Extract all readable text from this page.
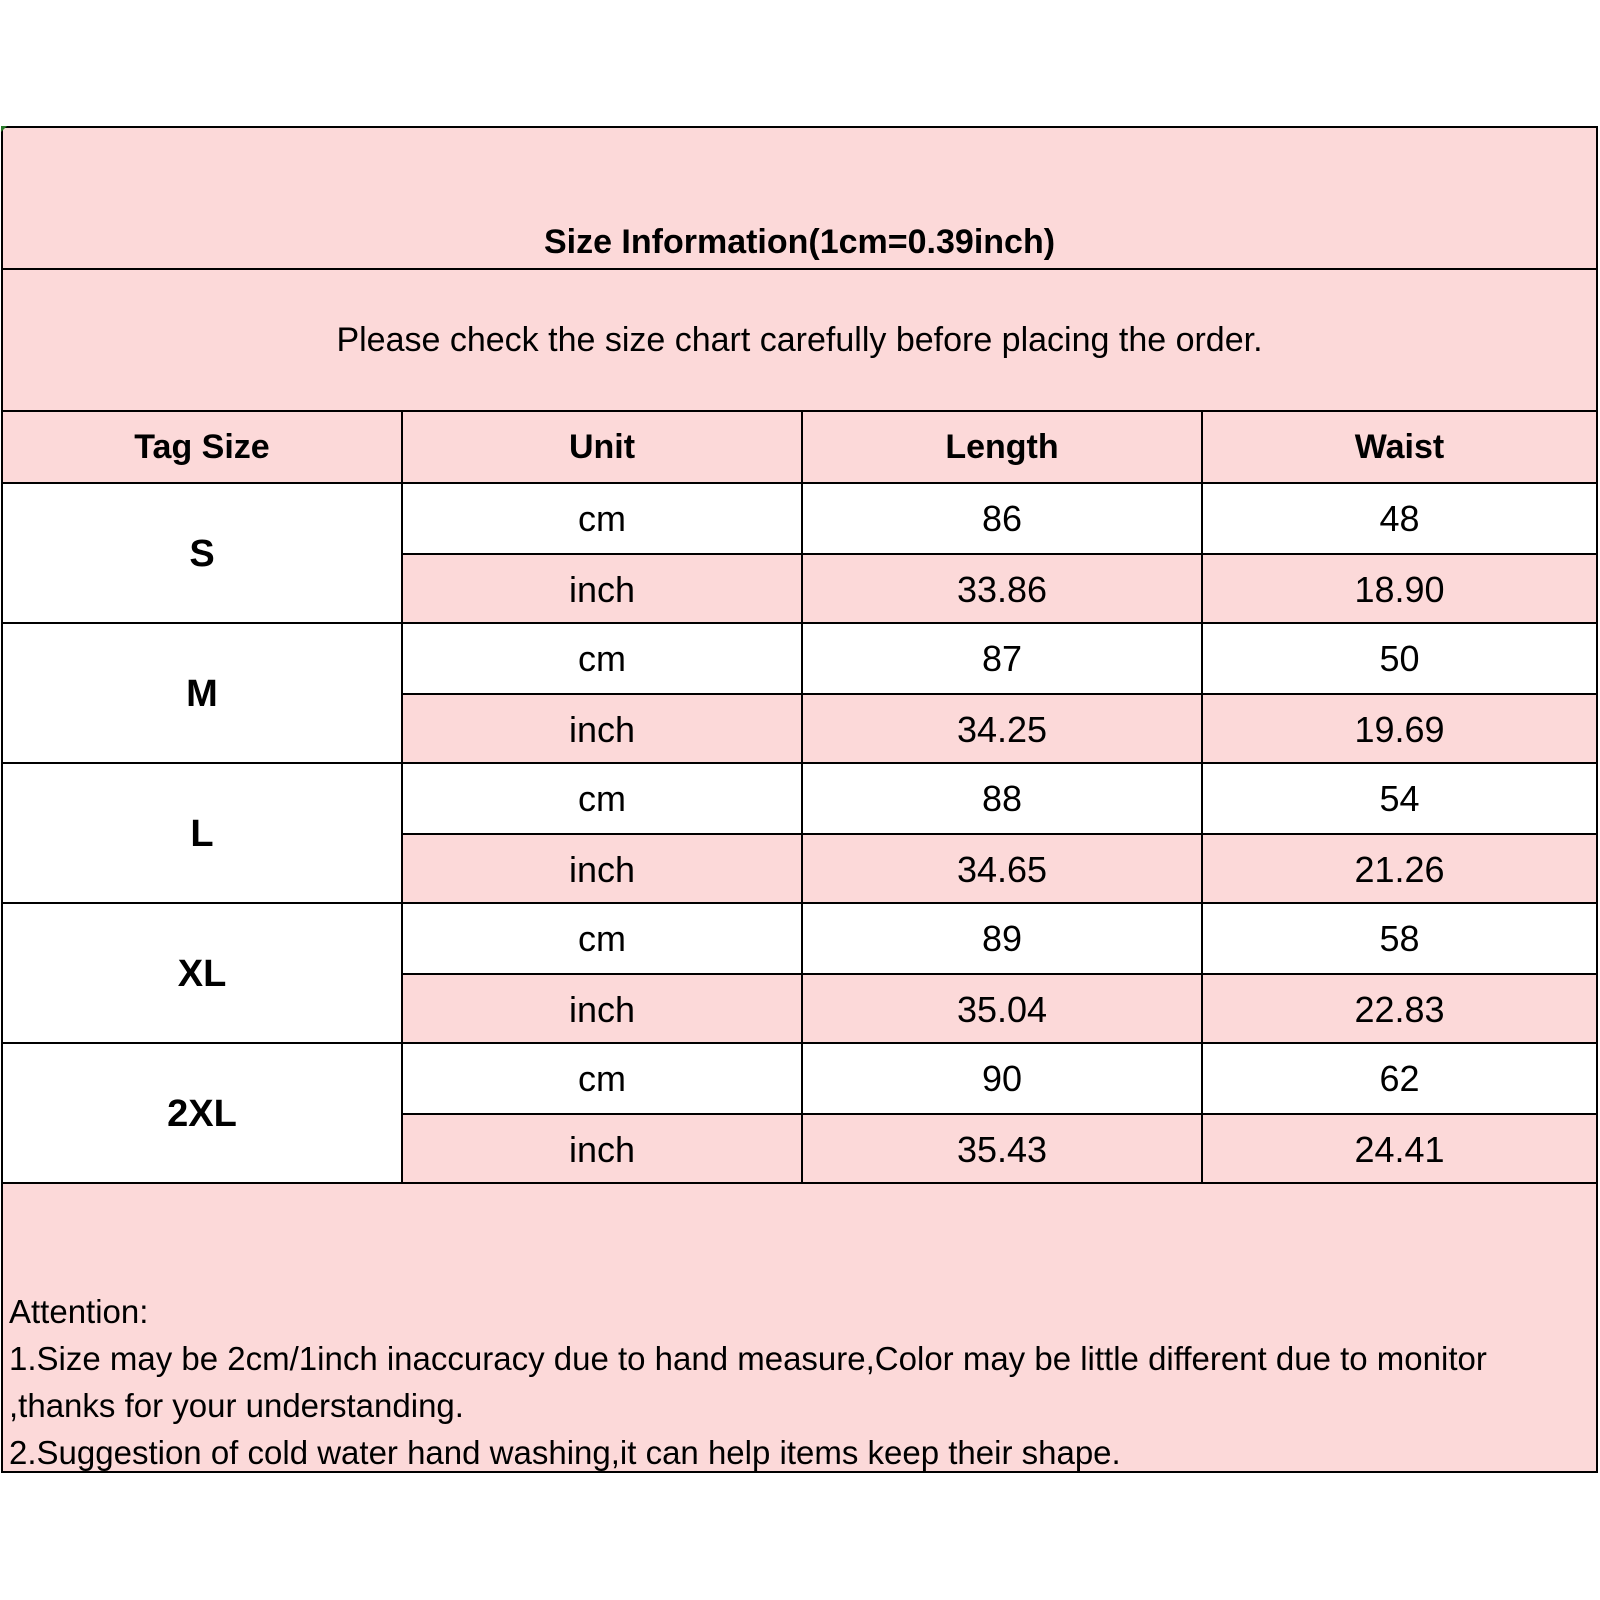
Size Information(1cm=0.39inch)
Please check the size chart carefully before placing the order.
Tag Size	Unit	Length	Waist
S
cm	86	48
inch	33.86	18.90
M
cm	87	50
inch	34.25	19.69
L
cm	88	54
inch	34.65	21.26
XL
cm	89	58
inch	35.04	22.83
2XL
cm	90	62
inch	35.43	24.41
Attention:
1.Size may be 2cm/1inch inaccuracy due to hand measure,Color may be little different due to monitor
,thanks for your understanding.
2.Suggestion of cold water hand washing,it can help items keep their shape.
